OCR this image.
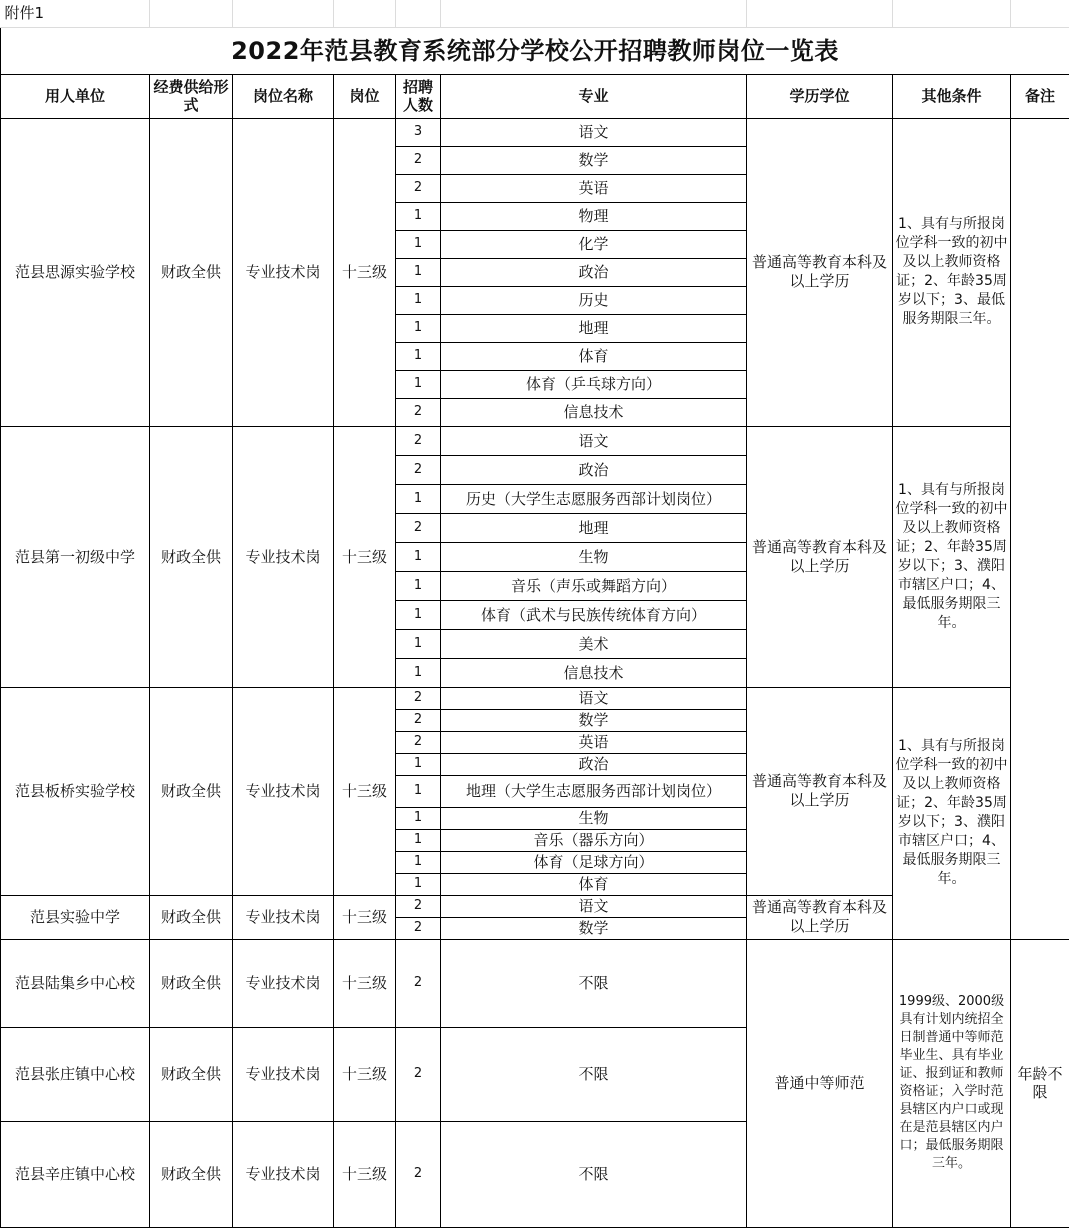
附件1								
2022年范县教育系统部分学校公开招聘教师岗位一览表								
用人单位	经费供给形式	岗位名称	岗位	招聘人数	专业	学历学位	其他条件	备注
范县思源实验学校	财政全供	专业技术岗	十三级	3	语文	普通高等教育本科及以上学历	1、具有与所报岗位学科一致的初中及以上教师资格证；2、年龄35周岁以下；3、最低服务期限三年。	
				2	数学			
				2	英语			
				1	物理			
				1	化学			
				1	政治			
				1	历史			
				1	地理			
				1	体育			
				1	体育（乒乓球方向）			
				2	信息技术			
范县第一初级中学	财政全供	专业技术岗	十三级	2	语文	普通高等教育本科及以上学历	1、具有与所报岗位学科一致的初中及以上教师资格证；2、年龄35周岁以下；3、濮阳市辖区户口；4、最低服务期限三年。	
				2	政治			
				1	历史（大学生志愿服务西部计划岗位）			
				2	地理			
				1	生物			
				1	音乐（声乐或舞蹈方向）			
				1	体育（武术与民族传统体育方向）			
				1	美术			
				1	信息技术			
范县板桥实验学校	财政全供	专业技术岗	十三级	2	语文	普通高等教育本科及以上学历	1、具有与所报岗位学科一致的初中及以上教师资格证；2、年龄35周岁以下；3、濮阳市辖区户口；4、最低服务期限三年。	
				2	数学			
				2	英语			
				1	政治			
				1	地理（大学生志愿服务西部计划岗位）			
				1	生物			
				1	音乐（器乐方向）			
				1	体育（足球方向）			
				1	体育			
范县实验中学	财政全供	专业技术岗	十三级	2	语文	普通高等教育本科及以上学历		
				2	数学			
范县陆集乡中心校	财政全供	专业技术岗	十三级	2	不限	普通中等师范	1999级、2000级具有计划内统招全日制普通中等师范毕业生、具有毕业证、报到证和教师资格证；入学时范县辖区内户口或现在是范县辖区内户口；最低服务期限三年。	年龄不限
范县张庄镇中心校	财政全供	专业技术岗	十三级	2	不限			
范县辛庄镇中心校	财政全供	专业技术岗	十三级	2	不限			
